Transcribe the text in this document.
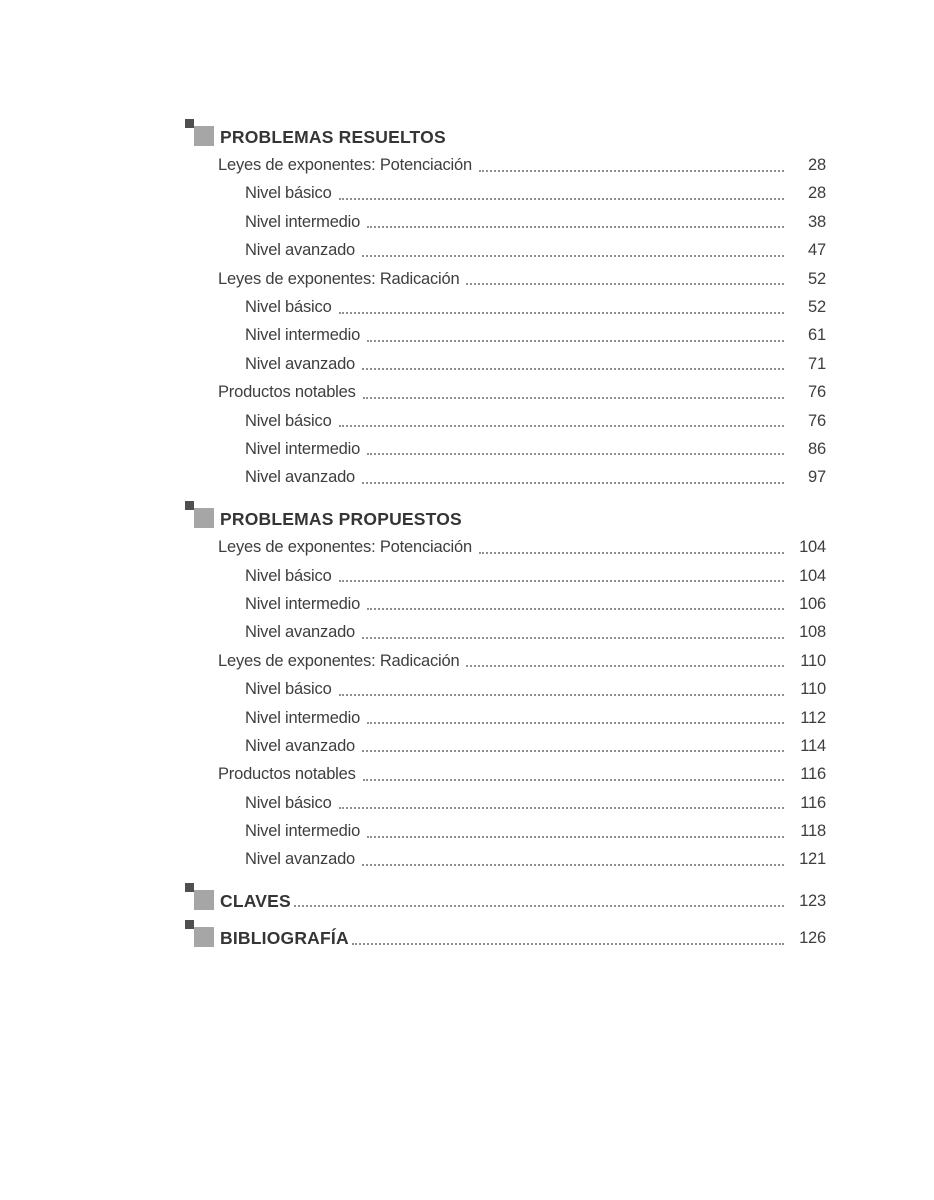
PROBLEMAS RESUELTOS
Leyes de exponentes: Potenciación	28
Nivel básico	28
Nivel intermedio	38
Nivel avanzado	47
Leyes de exponentes: Radicación	52
Nivel básico	52
Nivel intermedio	61
Nivel avanzado	71
Productos notables	76
Nivel básico	76
Nivel intermedio	86
Nivel avanzado	97
PROBLEMAS PROPUESTOS
Leyes de exponentes: Potenciación	104
Nivel básico	104
Nivel intermedio	106
Nivel avanzado	108
Leyes de exponentes: Radicación	110
Nivel básico	110
Nivel intermedio	112
Nivel avanzado	114
Productos notables	116
Nivel básico	116
Nivel intermedio	118
Nivel avanzado	121
CLAVES	123
BIBLIOGRAFÍA	126
